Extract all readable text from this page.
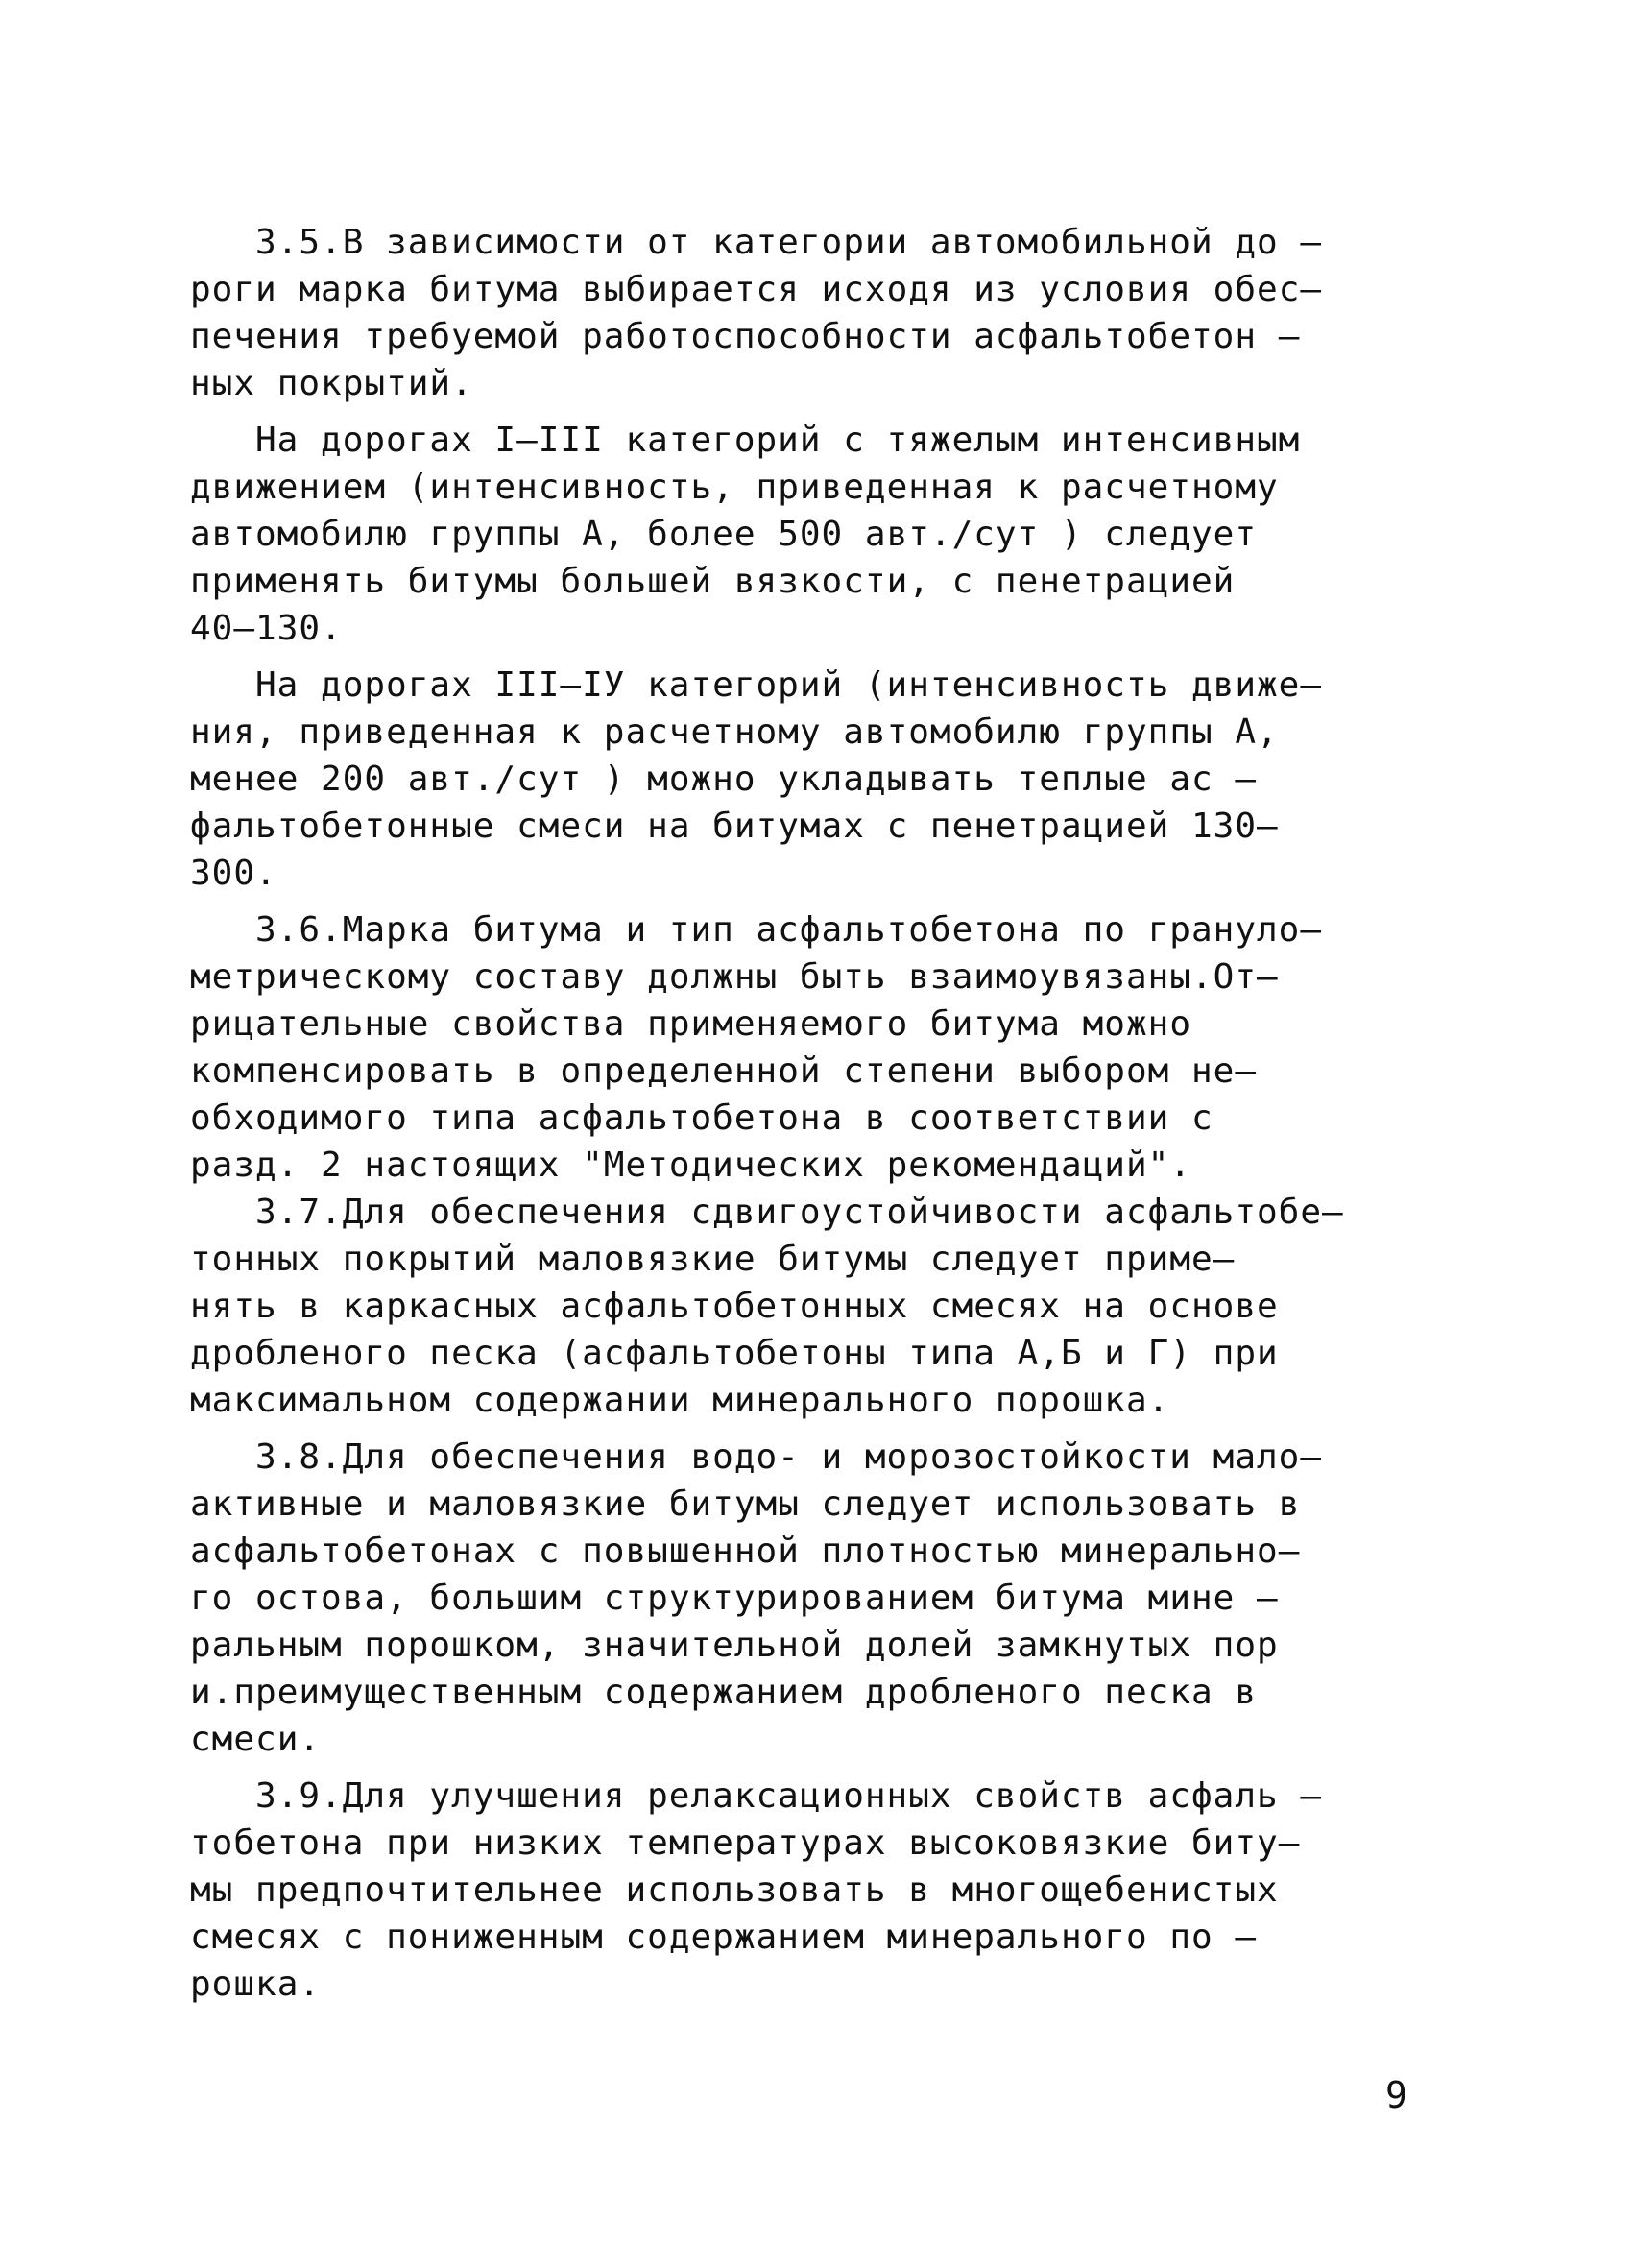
3.5.В зависимости от категории автомобильной до –
роги марка битума выбирается исходя из условия обес–
печения требуемой работоспособности асфальтобетон –
ных покрытий.
На дорогах I–III категорий с тяжелым интенсивным
движением (интенсивность, приведенная к расчетному
автомобилю группы А, более 500 авт./сут ) следует
применять битумы большей вязкости, с пенетрацией
40–130.
На дорогах III–IУ категорий (интенсивность движе–
ния, приведенная к расчетному автомобилю группы А,
менее 200 авт./сут ) можно укладывать теплые ас –
фальтобетонные смеси на битумах с пенетрацией 130–
300.
3.6.Марка битума и тип асфальтобетона по грануло–
метрическому составу должны быть взаимоувязаны.От–
рицательные свойства применяемого битума можно
компенсировать в определенной степени выбором не–
обходимого типа асфальтобетона в соответствии с
разд. 2 настоящих "Методических рекомендаций".
3.7.Для обеспечения сдвигоустойчивости асфальтобе–
тонных покрытий маловязкие битумы следует приме–
нять в каркасных асфальтобетонных смесях на основе
дробленого песка (асфальтобетоны типа А,Б и Г) при
максимальном содержании минерального порошка.
3.8.Для обеспечения водо- и морозостойкости мало–
активные и маловязкие битумы следует использовать в
асфальтобетонах с повышенной плотностью минерально–
го остова, большим структурированием битума мине –
ральным порошком, значительной долей замкнутых пор
и.преимущественным содержанием дробленого песка в
смеси.
3.9.Для улучшения релаксационных свойств асфаль –
тобетона при низких температурах высоковязкие биту–
мы предпочтительнее использовать в многощебенистых
смесях с пониженным содержанием минерального по –
рошка.
9
